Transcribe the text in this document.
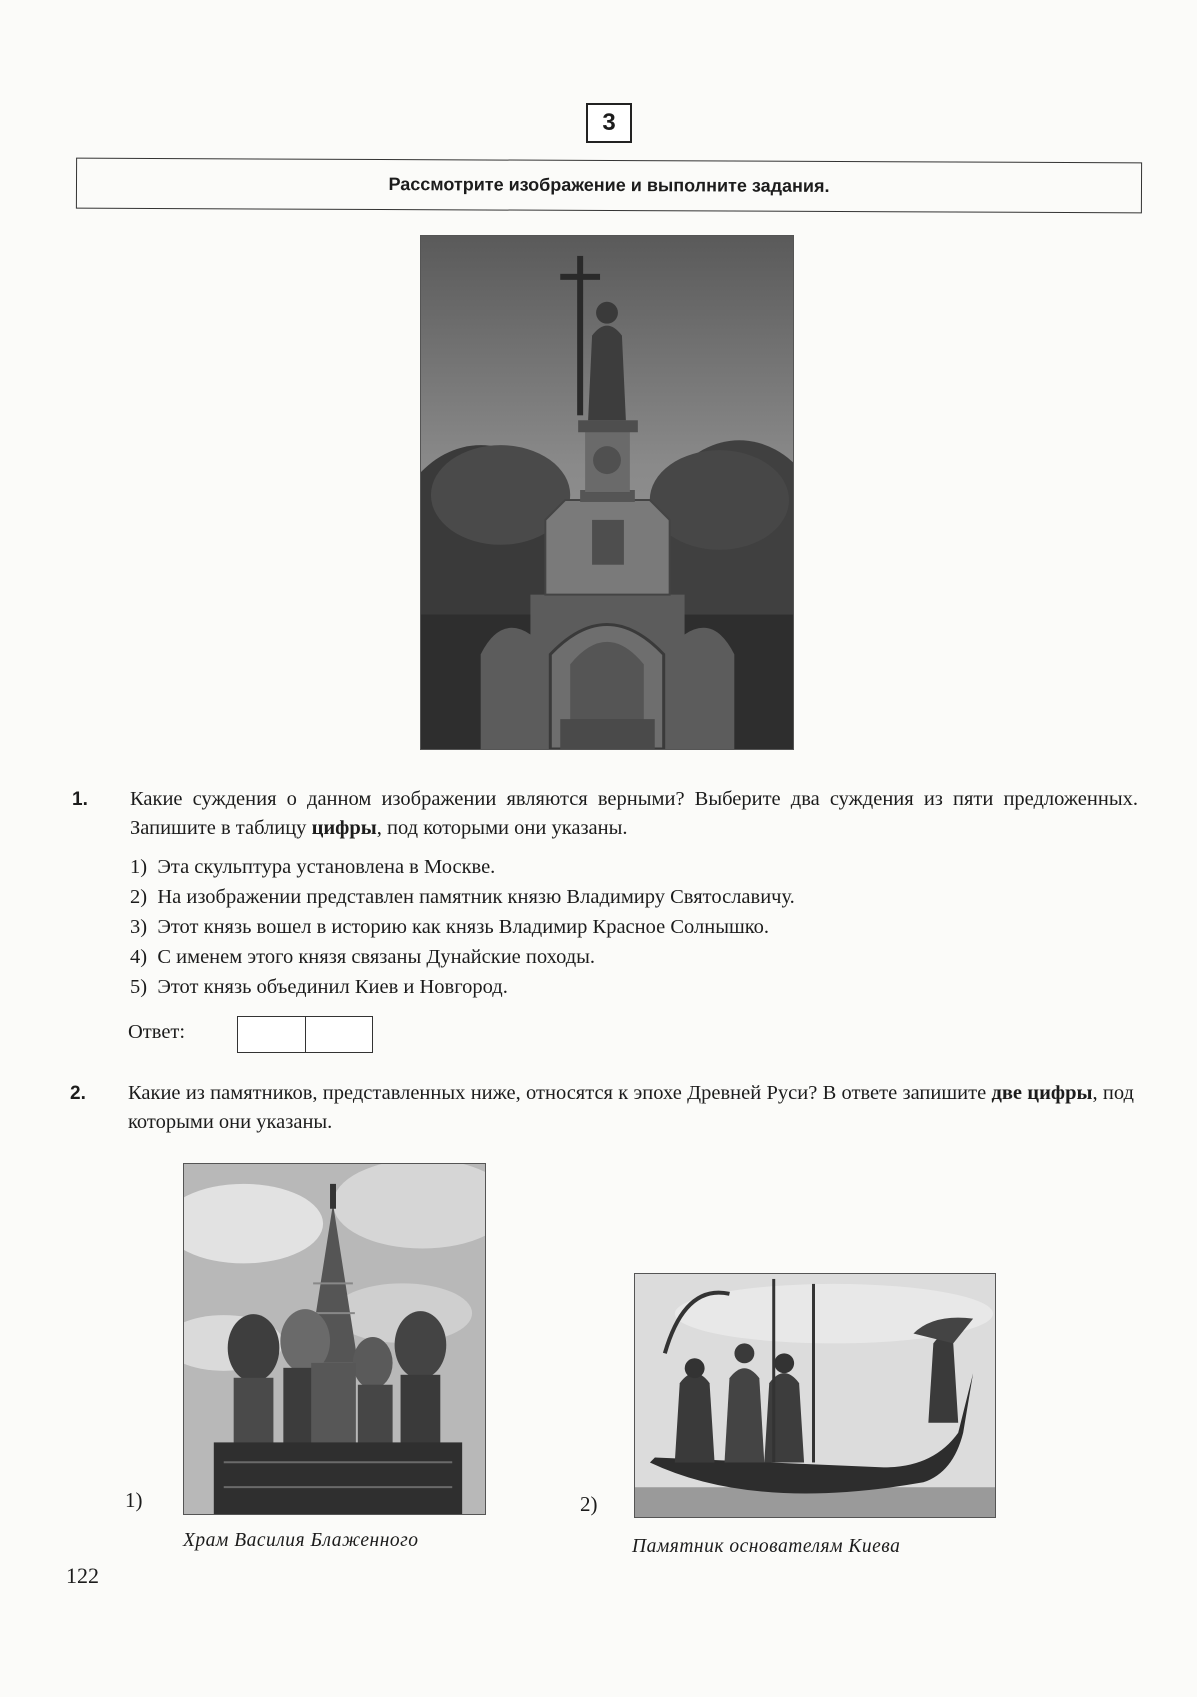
3
Рассмотрите изображение и выполните задания.
1. Какие суждения о данном изображении являются верными? Выберите два суждения из пяти предложенных. Запишите в таблицу цифры, под которыми они указаны.
1)  Эта скульптура установлена в Москве.
2)  На изображении представлен памятник князю Владимиру Святославичу.
3)  Этот князь вошел в историю как князь Владимир Красное Солнышко.
4)  С именем этого князя связаны Дунайские походы.
5)  Этот князь объединил Киев и Новгород.
Ответ:
2. Какие из памятников, представленных ниже, относятся к эпохе Древней Руси? В ответе запишите две цифры, под которыми они указаны.
1)
Храм Василия Блаженного
2)
Памятник основателям Киева
122
